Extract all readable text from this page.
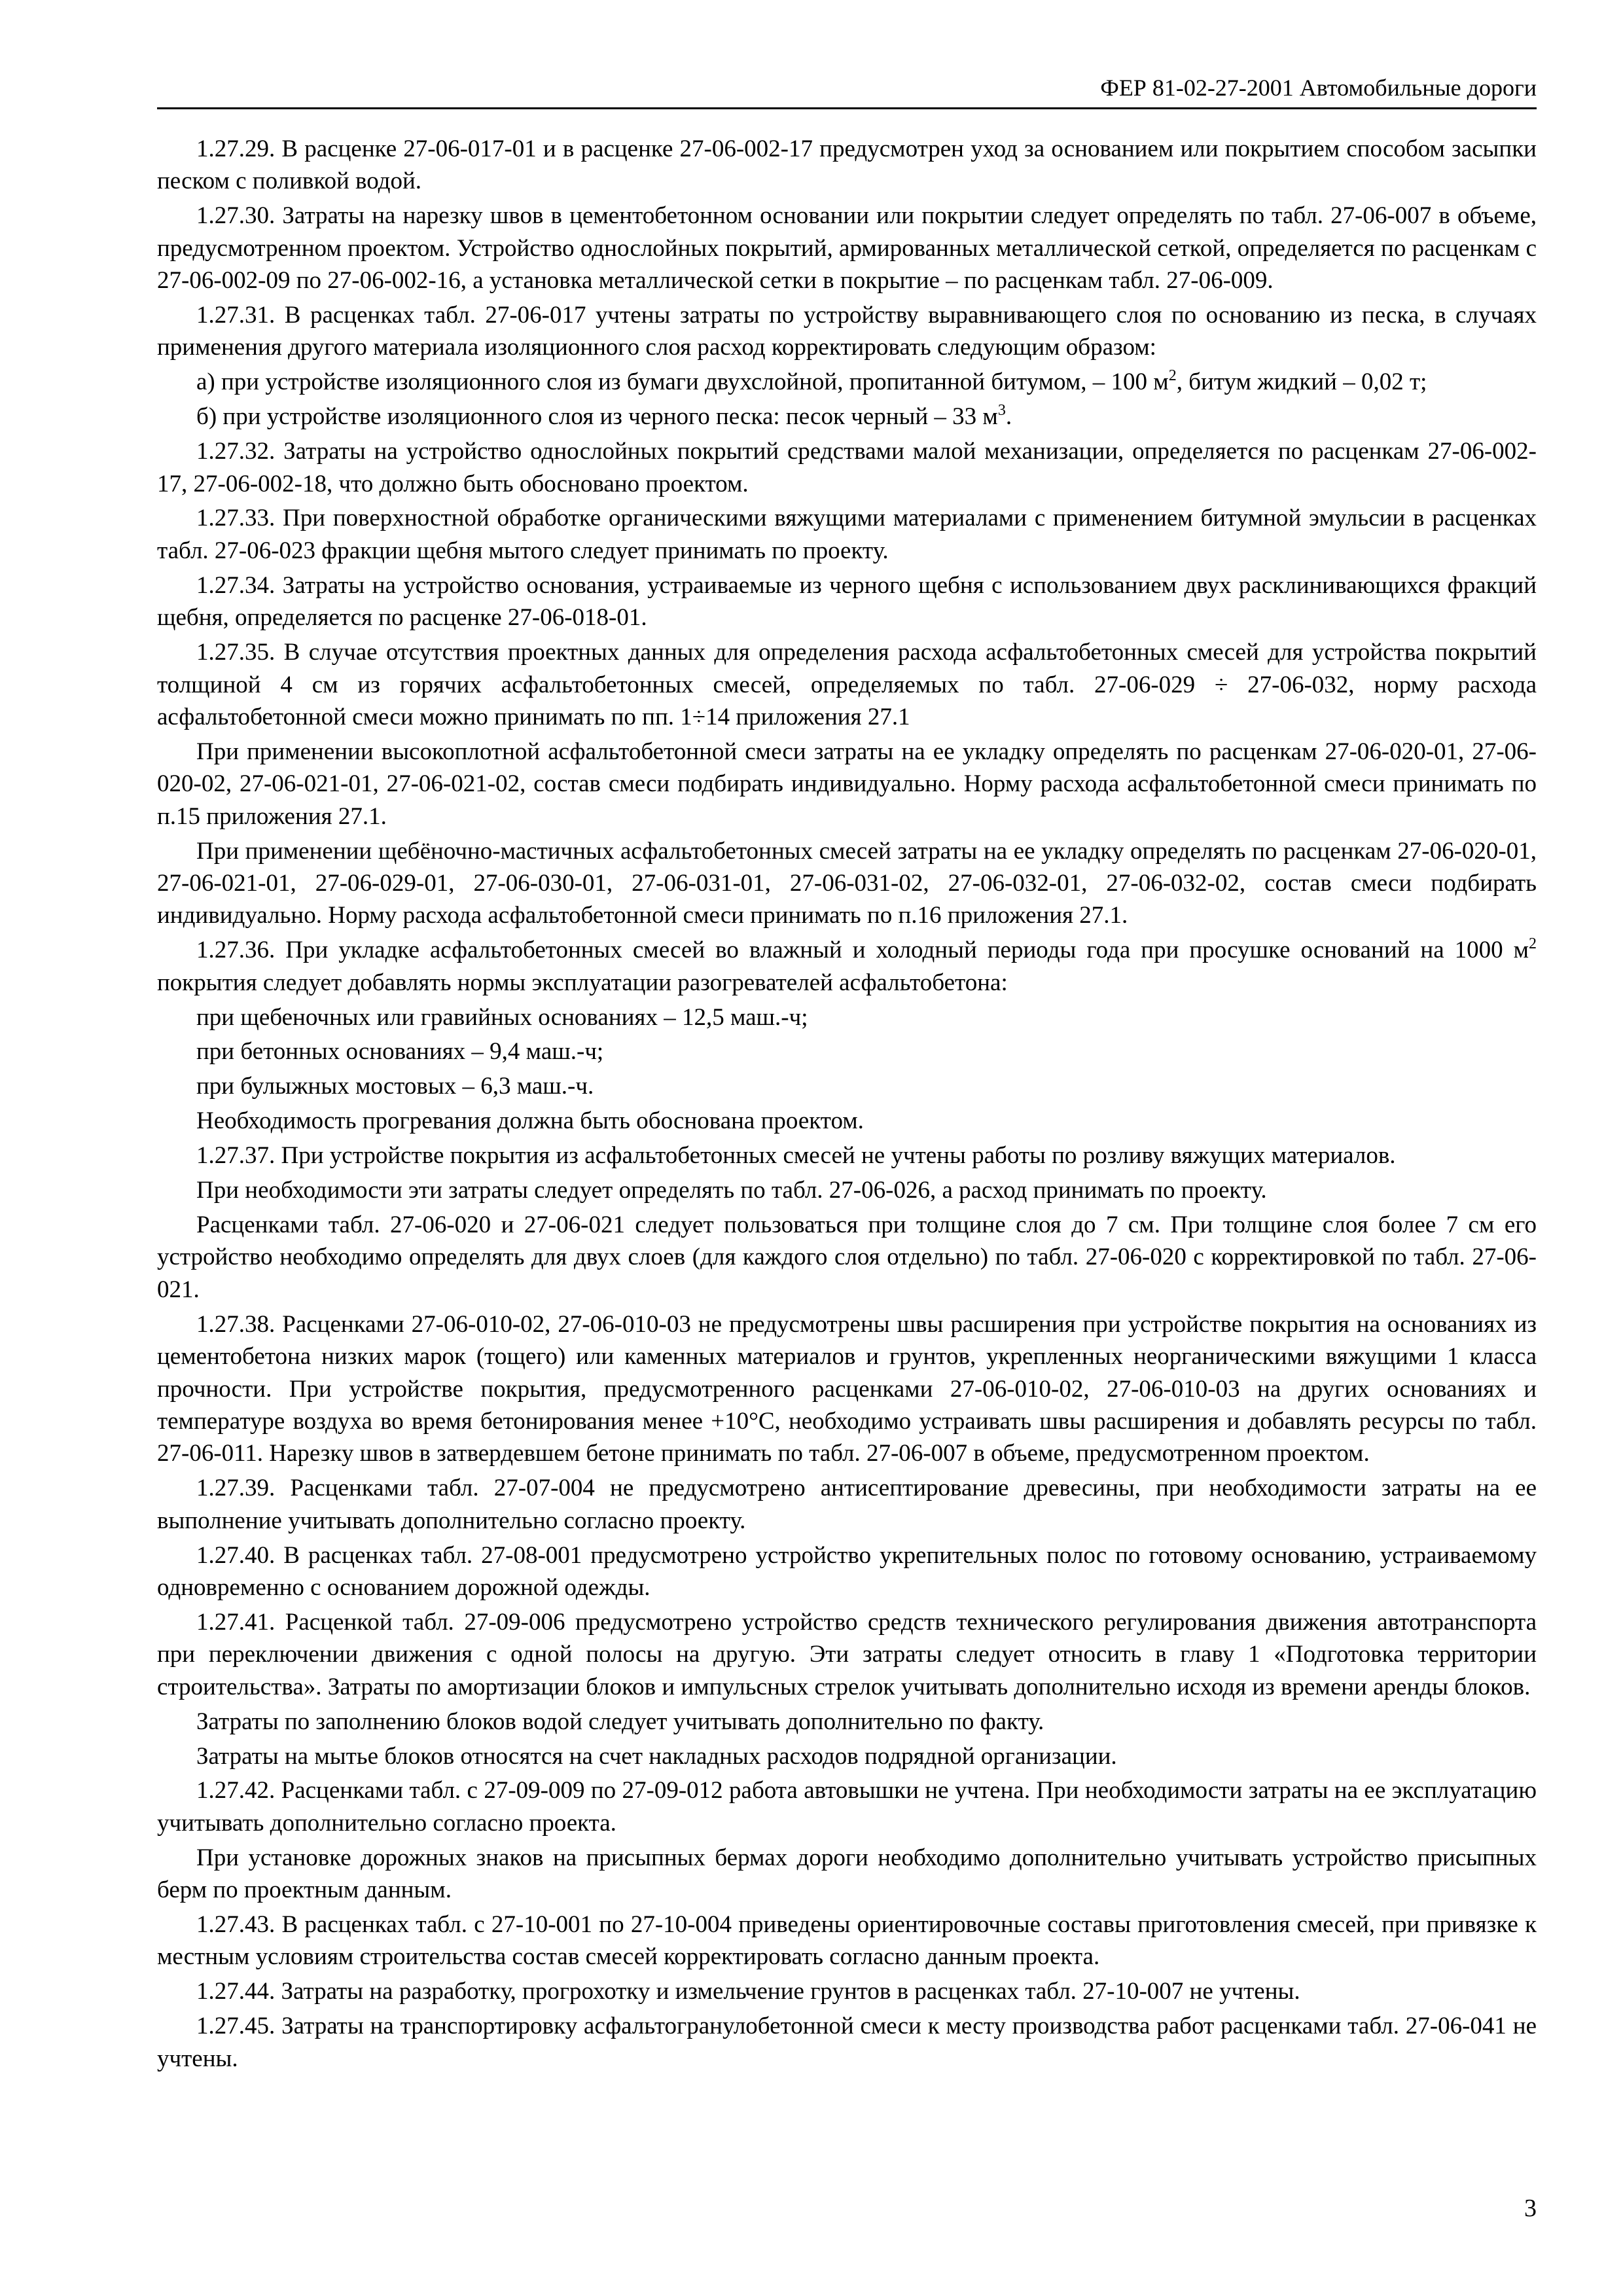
ФЕР 81-02-27-2001 Автомобильные дороги

1.27.29. В расценке 27-06-017-01 и в расценке 27-06-002-17 предусмотрен уход за основанием или покрытием способом засыпки песком с поливкой водой.

1.27.30. Затраты на нарезку швов в цементобетонном основании или покрытии следует определять по табл. 27-06-007 в объеме, предусмотренном проектом. Устройство однослойных покрытий, армированных металлической сеткой, определяется по расценкам с 27-06-002-09 по 27-06-002-16, а установка металлической сетки в покрытие – по расценкам табл. 27-06-009.

1.27.31. В расценках табл. 27-06-017 учтены затраты по устройству выравнивающего слоя по основанию из песка, в случаях применения другого материала изоляционного слоя расход корректировать следующим образом:

а) при устройстве изоляционного слоя из бумаги двухслойной, пропитанной битумом, – 100 $м^2$, битум жидкий – 0,02 т;

б) при устройстве изоляционного слоя из черного песка: песок черный – 33 $м^3$.

1.27.32. Затраты на устройство однослойных покрытий средствами малой механизации, определяется по расценкам 27-06-002-17, 27-06-002-18, что должно быть обосновано проектом.

1.27.33. При поверхностной обработке органическими вяжущими материалами с применением битумной эмульсии в расценках табл. 27-06-023 фракции щебня мытого следует принимать по проекту.

1.27.34. Затраты на устройство основания, устраиваемые из черного щебня с использованием двух расклинивающихся фракций щебня, определяется по расценке 27-06-018-01.

1.27.35. В случае отсутствия проектных данных для определения расхода асфальтобетонных смесей для устройства покрытий толщиной 4 см из горячих асфальтобетонных смесей, определяемых по табл. 27-06-029 ÷ 27-06-032, норму расхода асфальтобетонной смеси можно принимать по пп. 1÷14 приложения 27.1

При применении высокоплотной асфальтобетонной смеси затраты на ее укладку определять по расценкам 27-06-020-01, 27-06-020-02, 27-06-021-01, 27-06-021-02, состав смеси подбирать индивидуально. Норму расхода асфальтобетонной смеси принимать по п.15 приложения 27.1.

При применении щебёночно-мастичных асфальтобетонных смесей затраты на ее укладку определять по расценкам 27-06-020-01, 27-06-021-01, 27-06-029-01, 27-06-030-01, 27-06-031-01, 27-06-031-02, 27-06-032-01, 27-06-032-02, состав смеси подбирать индивидуально. Норму расхода асфальтобетонной смеси принимать по п.16 приложения 27.1.

1.27.36. При укладке асфальтобетонных смесей во влажный и холодный периоды года при просушке оснований на 1000 $м^2$ покрытия следует добавлять нормы эксплуатации разогревателей асфальтобетона:

при щебеночных или гравийных основаниях – 12,5 маш.-ч;

при бетонных основаниях – 9,4 маш.-ч;

при булыжных мостовых – 6,3 маш.-ч.

Необходимость прогревания должна быть обоснована проектом.

1.27.37. При устройстве покрытия из асфальтобетонных смесей не учтены работы по розливу вяжущих материалов.

При необходимости эти затраты следует определять по табл. 27-06-026, а расход принимать по проекту.

Расценками табл. 27-06-020 и 27-06-021 следует пользоваться при толщине слоя до 7 см. При толщине слоя более 7 см его устройство необходимо определять для двух слоев (для каждого слоя отдельно) по табл. 27-06-020 с корректировкой по табл. 27-06-021.

1.27.38. Расценками 27-06-010-02, 27-06-010-03 не предусмотрены швы расширения при устройстве покрытия на основаниях из цементобетона низких марок (тощего) или каменных материалов и грунтов, укрепленных неорганическими вяжущими 1 класса прочности. При устройстве покрытия, предусмотренного расценками 27-06-010-02, 27-06-010-03 на других основаниях и температуре воздуха во время бетонирования менее +10°С, необходимо устраивать швы расширения и добавлять ресурсы по табл. 27-06-011. Нарезку швов в затвердевшем бетоне принимать по табл. 27-06-007 в объеме, предусмотренном проектом.

1.27.39. Расценками табл. 27-07-004 не предусмотрено антисептирование древесины, при необходимости затраты на ее выполнение учитывать дополнительно согласно проекту.

1.27.40. В расценках табл. 27-08-001 предусмотрено устройство укрепительных полос по готовому основанию, устраиваемому одновременно с основанием дорожной одежды.

1.27.41. Расценкой табл. 27-09-006 предусмотрено устройство средств технического регулирования движения автотранспорта при переключении движения с одной полосы на другую. Эти затраты следует относить в главу 1 «Подготовка территории строительства». Затраты по амортизации блоков и импульсных стрелок учитывать дополнительно исходя из времени аренды блоков.

Затраты по заполнению блоков водой следует учитывать дополнительно по факту.

Затраты на мытье блоков относятся на счет накладных расходов подрядной организации.

1.27.42. Расценками табл. с 27-09-009 по 27-09-012 работа автовышки не учтена. При необходимости затраты на ее эксплуатацию учитывать дополнительно согласно проекта.

При установке дорожных знаков на присыпных бермах дороги необходимо дополнительно учитывать устройство присыпных берм по проектным данным.

1.27.43. В расценках табл. с 27-10-001 по 27-10-004 приведены ориентировочные составы приготовления смесей, при привязке к местным условиям строительства состав смесей корректировать согласно данным проекта.

1.27.44. Затраты на разработку, прогрохотку и измельчение грунтов в расценках табл. 27-10-007 не учтены.

1.27.45. Затраты на транспортировку асфальтогранулобетонной смеси к месту производства работ расценками табл. 27-06-041 не учтены.

3
